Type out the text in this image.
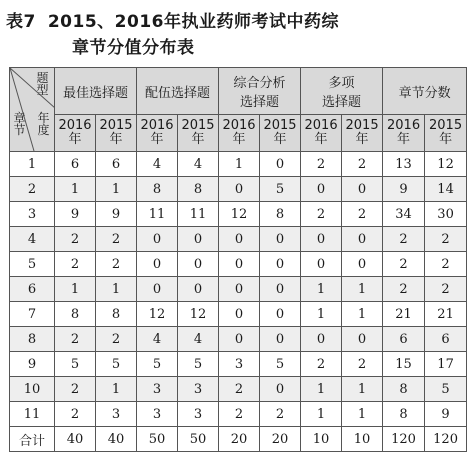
表7 2015、2016年执业药师考试中药综
章节分值分布表
题型
年度
章节	最佳选择题		配伍选择题		综合分析
选择题		多项
选择题		章节分数	
	2016年	2015年	2016年	2015年	2016年	2015年	2016年	2015年	2016年	2015年
1	6	6	4	4	1	0	2	2	13	12
2	1	1	8	8	0	5	0	0	9	14
3	9	9	11	11	12	8	2	2	34	30
4	2	2	0	0	0	0	0	0	2	2
5	2	2	0	0	0	0	0	0	2	2
6	1	1	0	0	0	0	1	1	2	2
7	8	8	12	12	0	0	1	1	21	21
8	2	2	4	4	0	0	0	0	6	6
9	5	5	5	5	3	5	2	2	15	17
10	2	1	3	3	2	0	1	1	8	5
11	2	3	3	3	2	2	1	1	8	9
合计	40	40	50	50	20	20	10	10	120	120
